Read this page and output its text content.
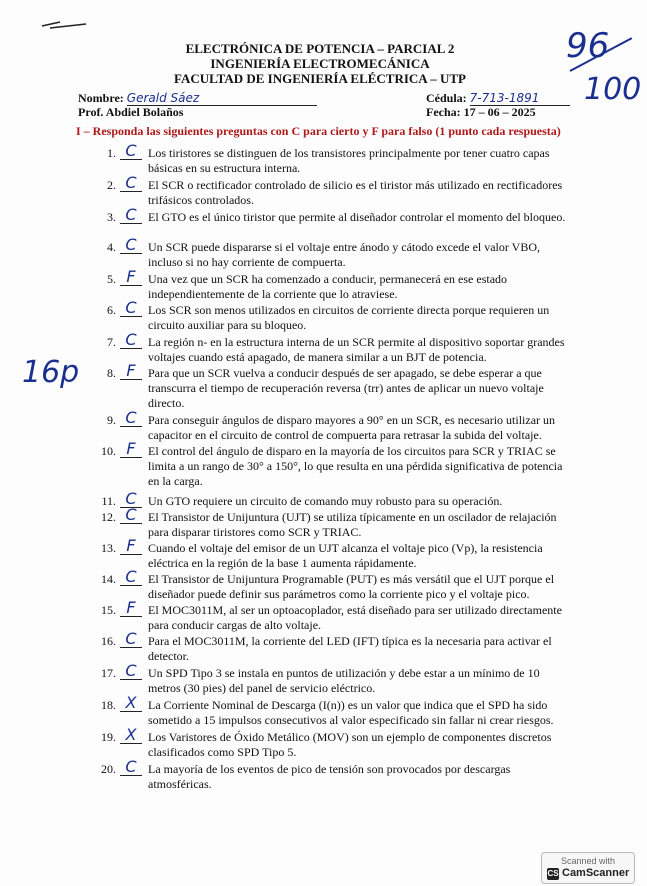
ELECTRÓNICA DE POTENCIA – PARCIAL 2
INGENIERÍA ELECTROMECÁNICA
FACULTAD DE INGENIERÍA ELÉCTRICA – UTP
Nombre: Gerald Sáez
Prof. Abdiel Bolaños
Cédula: 7-713-1891
Fecha: 17 – 06 – 2025
96
100
16p
I – Responda las siguientes preguntas con C para cierto y F para falso (1 punto cada respuesta)
1. C Los tiristores se distinguen de los transistores principalmente por tener cuatro capas básicas en su estructura interna.
2. C El SCR o rectificador controlado de silicio es el tiristor más utilizado en rectificadores trifásicos controlados.
3. C El GTO es el único tiristor que permite al diseñador controlar el momento del bloqueo.
4. C Un SCR puede dispararse si el voltaje entre ánodo y cátodo excede el valor VBO, incluso si no hay corriente de compuerta.
5. F	Una vez que un SCR ha comenzado a conducir, permanecerá en ese estado independientemente de la corriente que lo atraviese.
6. C Los SCR son menos utilizados en circuitos de corriente directa porque requieren un circuito auxiliar para su bloqueo.
7. C La región n- en la estructura interna de un SCR permite al dispositivo soportar grandes voltajes cuando está apagado, de manera similar a un BJT de potencia.
8. F	Para que un SCR vuelva a conducir después de ser apagado, se debe esperar a que transcurra el tiempo de recuperación reversa (trr) antes de aplicar un nuevo voltaje directo.
9. C Para conseguir ángulos de disparo mayores a 90° en un SCR, es necesario utilizar un capacitor en el circuito de control de compuerta para retrasar la subida del voltaje.
10. F	El control del ángulo de disparo en la mayoría de los circuitos para SCR y TRIAC se limita a un rango de 30° a 150°, lo que resulta en una pérdida significativa de potencia en la carga.
11. C Un GTO requiere un circuito de comando muy robusto para su operación.
12. C El Transistor de Unijuntura (UJT) se utiliza típicamente en un oscilador de relajación para disparar tiristores como SCR y TRIAC.
13. F	Cuando el voltaje del emisor de un UJT alcanza el voltaje pico (Vp), la resistencia eléctrica en la región de la base 1 aumenta rápidamente.
14. C El Transistor de Unijuntura Programable (PUT) es más versátil que el UJT porque el diseñador puede definir sus parámetros como la corriente pico y el voltaje pico.
15. F	El MOC3011M, al ser un optoacoplador, está diseñado para ser utilizado directamente para conducir cargas de alto voltaje.
16. C Para el MOC3011M, la corriente del LED (IFT) típica es la necesaria para activar el detector.
17. C Un SPD Tipo 3 se instala en puntos de utilización y debe estar a un mínimo de 10 metros (30 pies) del panel de servicio eléctrico.
18. X La Corriente Nominal de Descarga (I(n)) es un valor que indica que el SPD ha sido sometido a 15 impulsos consecutivos al valor especificado sin fallar ni crear riesgos.
19. X Los Varistores de Óxido Metálico (MOV) son un ejemplo de componentes discretos clasificados como SPD Tipo 5.
20. C La mayoría de los eventos de pico de tensión son provocados por descargas atmosféricas.
Scanned with
CS CamScanner
